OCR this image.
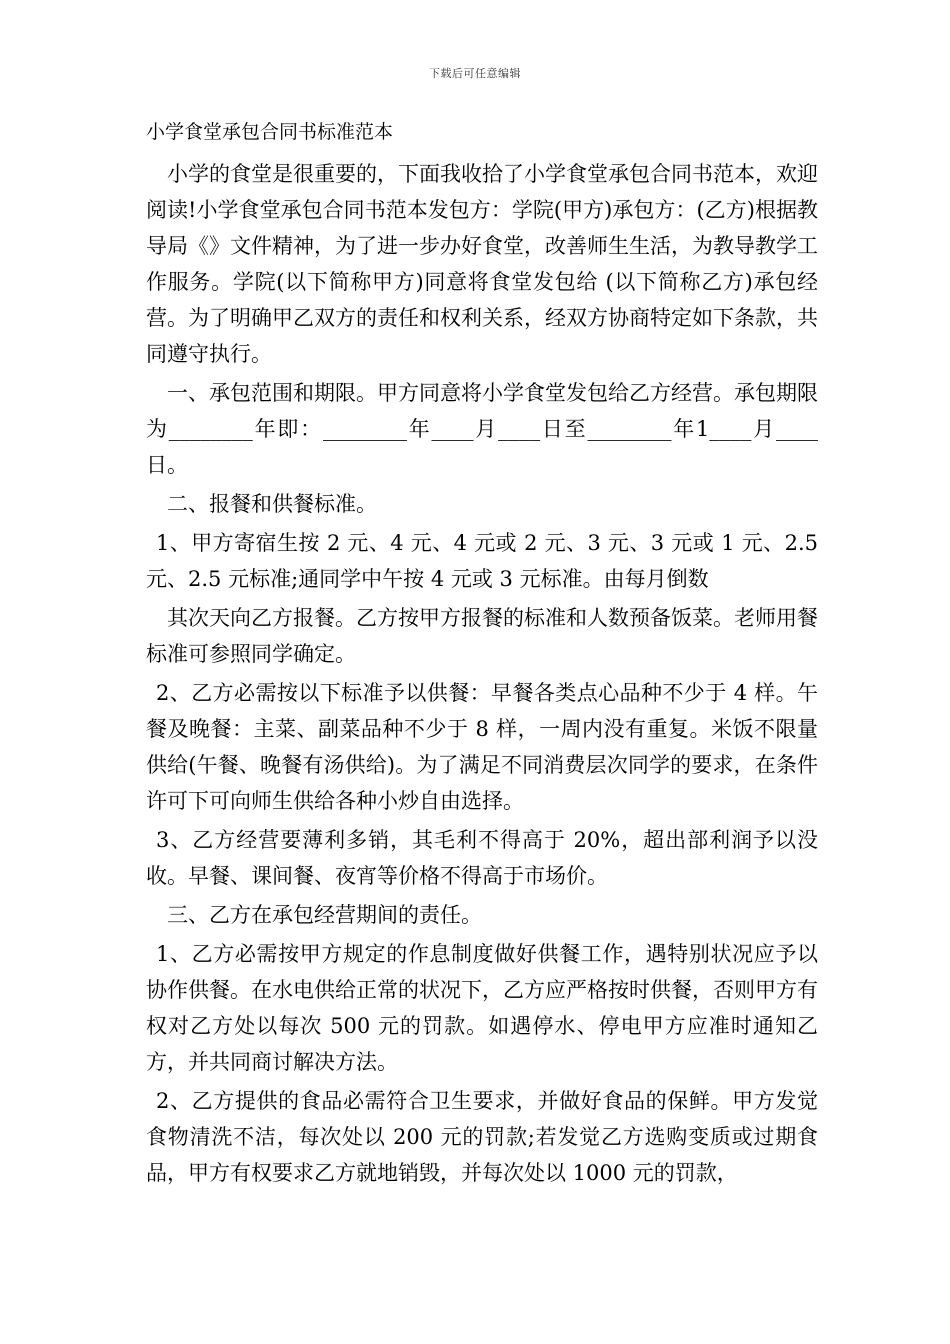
下载后可任意编辑
小学食堂承包合同书标准范本

小学的食堂是很重要的，下面我收拾了小学食堂承包合同书范本，欢迎阅读!小学食堂承包合同书范本发包方：学院(甲方)承包方：(乙方)根据教导局《》文件精神，为了进一步办好食堂，改善师生生活，为教导教学工作服务。学院(以下简称甲方)同意将食堂发包给 (以下简称乙方)承包经营。为了明确甲乙双方的责任和权利关系，经双方协商特定如下条款，共同遵守执行。

一、承包范围和期限。甲方同意将小学食堂发包给乙方经营。承包期限为________年即：________年____月____日至________年1____月____日。

二、报餐和供餐标准。

1、甲方寄宿生按 2 元、4 元、4 元或 2 元、3 元、3 元或 1 元、2.5元、2.5 元标准;通同学中午按 4 元或 3 元标准。由每月倒数

其次天向乙方报餐。乙方按甲方报餐的标准和人数预备饭菜。老师用餐标准可参照同学确定。

2、乙方必需按以下标准予以供餐：早餐各类点心品种不少于 4 样。午餐及晚餐：主菜、副菜品种不少于 8 样，一周内没有重复。米饭不限量供给(午餐、晚餐有汤供给)。为了满足不同消费层次同学的要求，在条件许可下可向师生供给各种小炒自由选择。

3、乙方经营要薄利多销，其毛利不得高于 20%，超出部利润予以没收。早餐、课间餐、夜宵等价格不得高于市场价。

三、乙方在承包经营期间的责任。

1、乙方必需按甲方规定的作息制度做好供餐工作，遇特别状况应予以协作供餐。在水电供给正常的状况下，乙方应严格按时供餐，否则甲方有权对乙方处以每次 500 元的罚款。如遇停水、停电甲方应准时通知乙方，并共同商讨解决方法。

2、乙方提供的食品必需符合卫生要求，并做好食品的保鲜。甲方发觉食物清洗不洁，每次处以 200 元的罚款;若发觉乙方选购变质或过期食品，甲方有权要求乙方就地销毁，并每次处以 1000 元的罚款，
